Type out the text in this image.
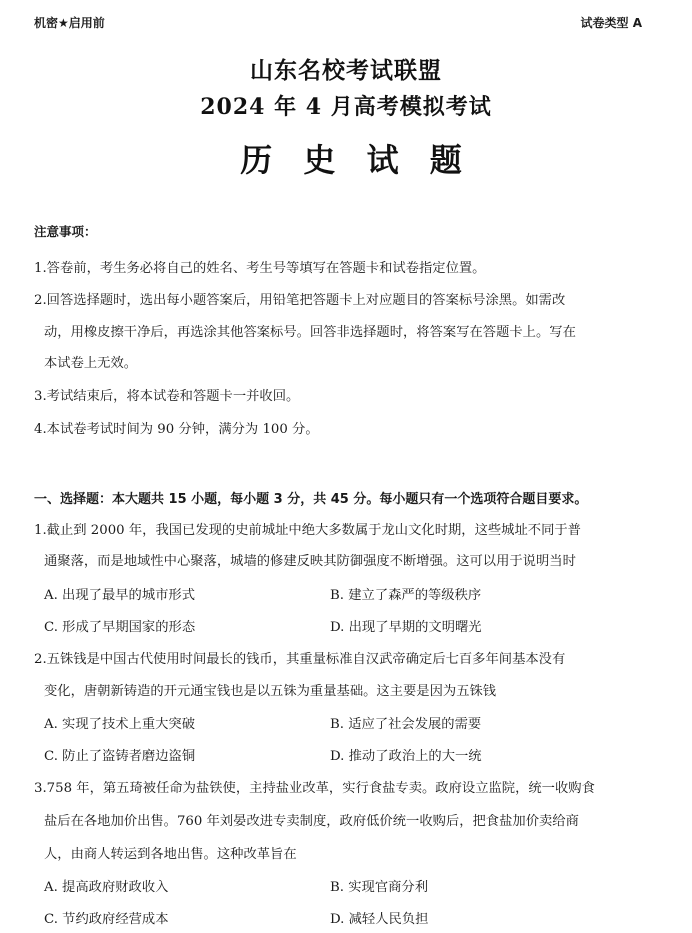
机密★启用前	试卷类型 A
山东名校考试联盟
2024 年 4 月高考模拟考试
历 史 试 题
注意事项：
1.答卷前，考生务必将自己的姓名、考生号等填写在答题卡和试卷指定位置。
2.回答选择题时，选出每小题答案后，用铅笔把答题卡上对应题目的答案标号涂黑。如需改
动，用橡皮擦干净后，再选涂其他答案标号。回答非选择题时，将答案写在答题卡上。写在
本试卷上无效。
3.考试结束后，将本试卷和答题卡一并收回。
4.本试卷考试时间为 90 分钟，满分为 100 分。
一、选择题：本大题共 15 小题，每小题 3 分，共 45 分。每小题只有一个选项符合题目要求。
1.截止到 2000 年，我国已发现的史前城址中绝大多数属于龙山文化时期，这些城址不同于普
通聚落，而是地域性中心聚落，城墙的修建反映其防御强度不断增强。这可以用于说明当时
A. 出现了最早的城市形式	B. 建立了森严的等级秩序
C. 形成了早期国家的形态	D. 出现了早期的文明曙光
2.五铢钱是中国古代使用时间最长的钱币，其重量标准自汉武帝确定后七百多年间基本没有
变化，唐朝新铸造的开元通宝钱也是以五铢为重量基础。这主要是因为五铢钱
A. 实现了技术上重大突破	B. 适应了社会发展的需要
C. 防止了盗铸者磨边盗铜	D. 推动了政治上的大一统
3.758 年，第五琦被任命为盐铁使，主持盐业改革，实行食盐专卖。政府设立监院，统一收购食
盐后在各地加价出售。760 年刘晏改进专卖制度，政府低价统一收购后，把食盐加价卖给商
人，由商人转运到各地出售。这种改革旨在
A. 提高政府财政收入	B. 实现官商分利
C. 节约政府经营成本	D. 减轻人民负担
